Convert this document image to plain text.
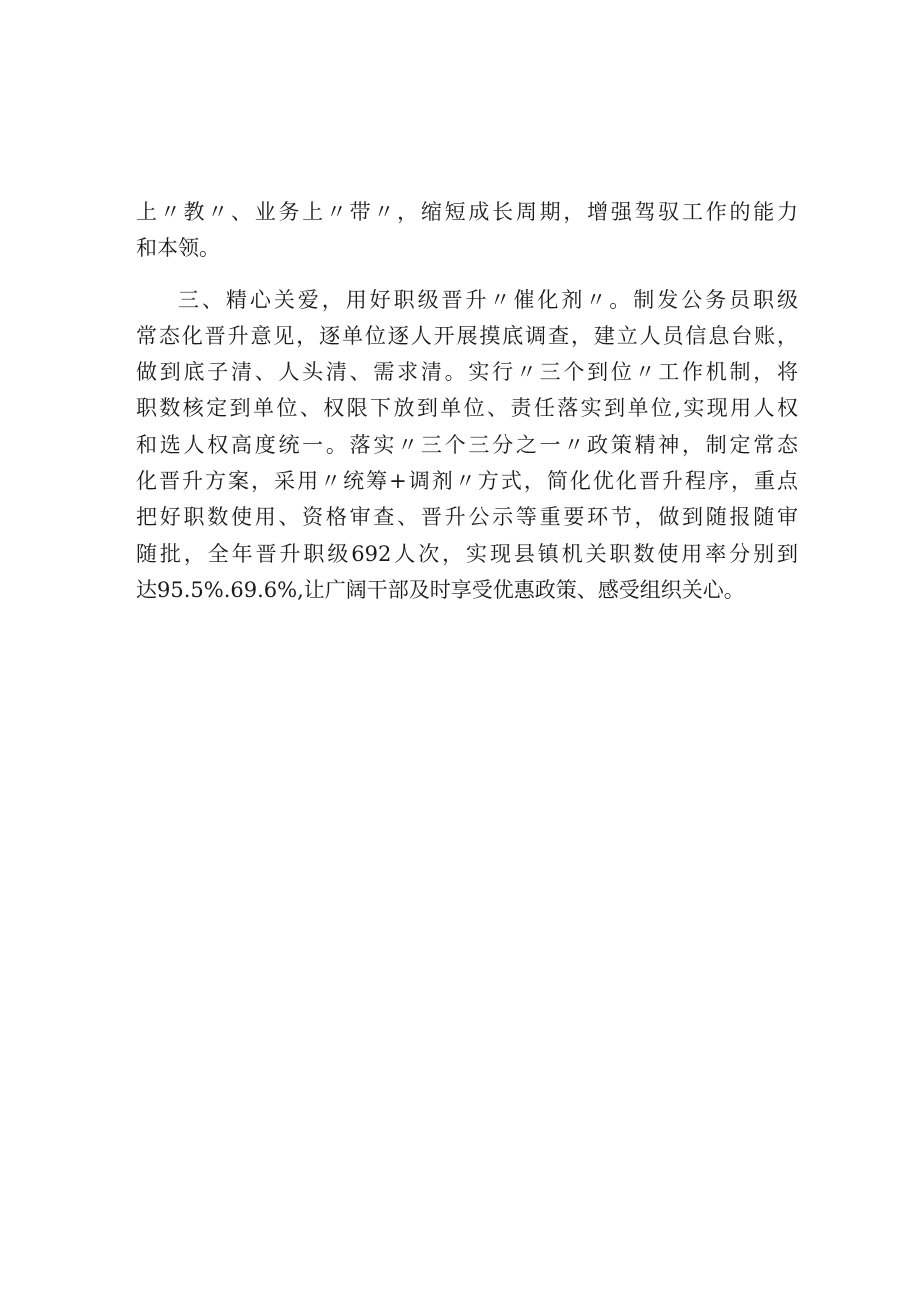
上〃教〃、业务上〃带〃，缩短成长周期，增强驾驭工作的能力
和本领。
三、精心关爱，用好职级晋升〃催化剂〃。制发公务员职级
常态化晋升意见，逐单位逐人开展摸底调查，建立人员信息台账，
做到底子清、人头清、需求清。实行〃三个到位〃工作机制，将
职数核定到单位、权限下放到单位、责任落实到单位,实现用人权
和选人权高度统一。落实〃三个三分之一〃政策精神，制定常态
化晋升方案，采用〃统筹+调剂〃方式，简化优化晋升程序，重点
把好职数使用、资格审查、晋升公示等重要环节，做到随报随审
随批，全年晋升职级692人次，实现县镇机关职数使用率分别到
达95.5%.69.6%,让广阔干部及时享受优惠政策、感受组织关心。
